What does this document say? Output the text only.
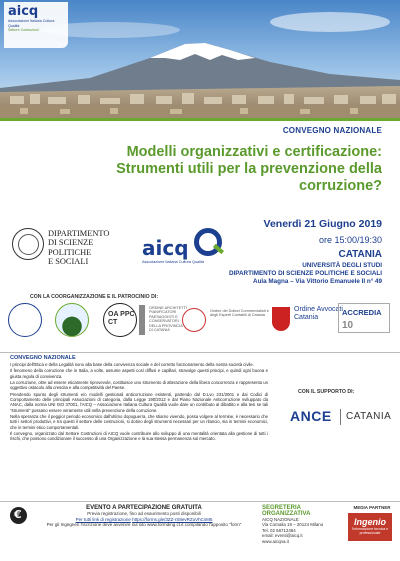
aicq
Associazione Italiana Cultura Qualità
Settore Costruzioni
CONVEGNO NAZIONALE
Modelli organizzativi e certificazione: Strumenti utili per la prevenzione della corruzione?
DIPARTIMENTO
DI SCIENZE POLITICHE
E SOCIALI
aicq
Associazione Italiana Cultura Qualità
Venerdì 21 Giugno 2019
ore 15:00/19:30
CATANIA
UNIVERSITÀ DEGLI STUDI
DIPARTIMENTO DI SCIENZE POLITICHE E SOCIALI
Aula Magna – Via Vittorio Emanuele II n° 49
CON LA COORGANIZZAZIONE E IL PATROCINIO DI:
OA PPC CT
ORDINE ARCHITETTI PIANIFICATORI PAESAGGISTI E CONSERVATORI DELLA PROVINCIA DI CATANIA
Ordine dei Dottori Commercialisti e degli Esperti Contabili di Catania
Ordine Avvocati Catania
ACCREDIA
10
CONVEGNO NAZIONALE

I principi dell'Etica e della Legalità sono alla base della convivenza sociale e del corretto funzionamento della nostra società civile.

Il fenomeno della corruzione che in Italia, a volte, assume aspetti così diffusi e capillari, stravolge questi principi, e quindi ogni buona e giusta regola di convivenza.

La corruzione, oltre ad essere eticamente riprovevole, costituisce uno strumento di alterazione della libera concorrenza e rappresenta un oggettivo ostacolo alla crescita e alla competitività del Paese.

Prendendo spunto degli strumenti e/o modelli gestionali anticorruzione esistenti, partendo dal D.Lvo 231/2001 e dai Codici di Comportamento delle principali Associazioni di categoria, dalla Legge 190/2012 e dal Piano Nazionale Anticorruzione sviluppato da ANAC, dalla norma UNI ISO 37001, l'AICQ – Associazione Italiana Cultura Qualità vuole dare un contributo al dibattito e alla tesi se tali "strumenti" possano essere veramente utili nella prevenzione della corruzione.

Nella speranza che il peggior periodo economico dall'ultimo dopoguerra, che stiamo vivendo, possa volgere al termine, è necessario che tutti i settori produttivi, e tra questi il settore delle costruzioni, si dotino degli strumenti necessari per un rilancio, sia in termini economici, che in termini etico comportamentali.

Il convegno, organizzato dal Settore Costruzioni di AICQ vuole contribuire allo sviluppo di una mentalità orientata alla gestione di tutti i rischi, che possono condizionare il successo di una Organizzazione e la sua stessa permanenza sul mercato.

CON IL SUPPORTO DI:
ANCE CATANIA
€
EVENTO A PARTECIPAZIONE GRATUITA
Previa registrazione, fino ad esaurimento posti disponibili
Per tutti link di registrazione https://forms.gle/3ZZ-rS8evRZuVhCsM5
Per gli Ingegneri l'iscrizione deve avvenire sul sito www.formding.ct.it compilando l'apposito "form"
SEGRETERIA ORGANIZZATIVA
AICQ NAZIONALE
Via Cornalia 19 – 20124 Milano
Tel. 02 66712484
email: eventi@aicq.it
www.aicqna.it
MEDIA PARTNER
Ingenio
l'informazione tecnica e professionale
